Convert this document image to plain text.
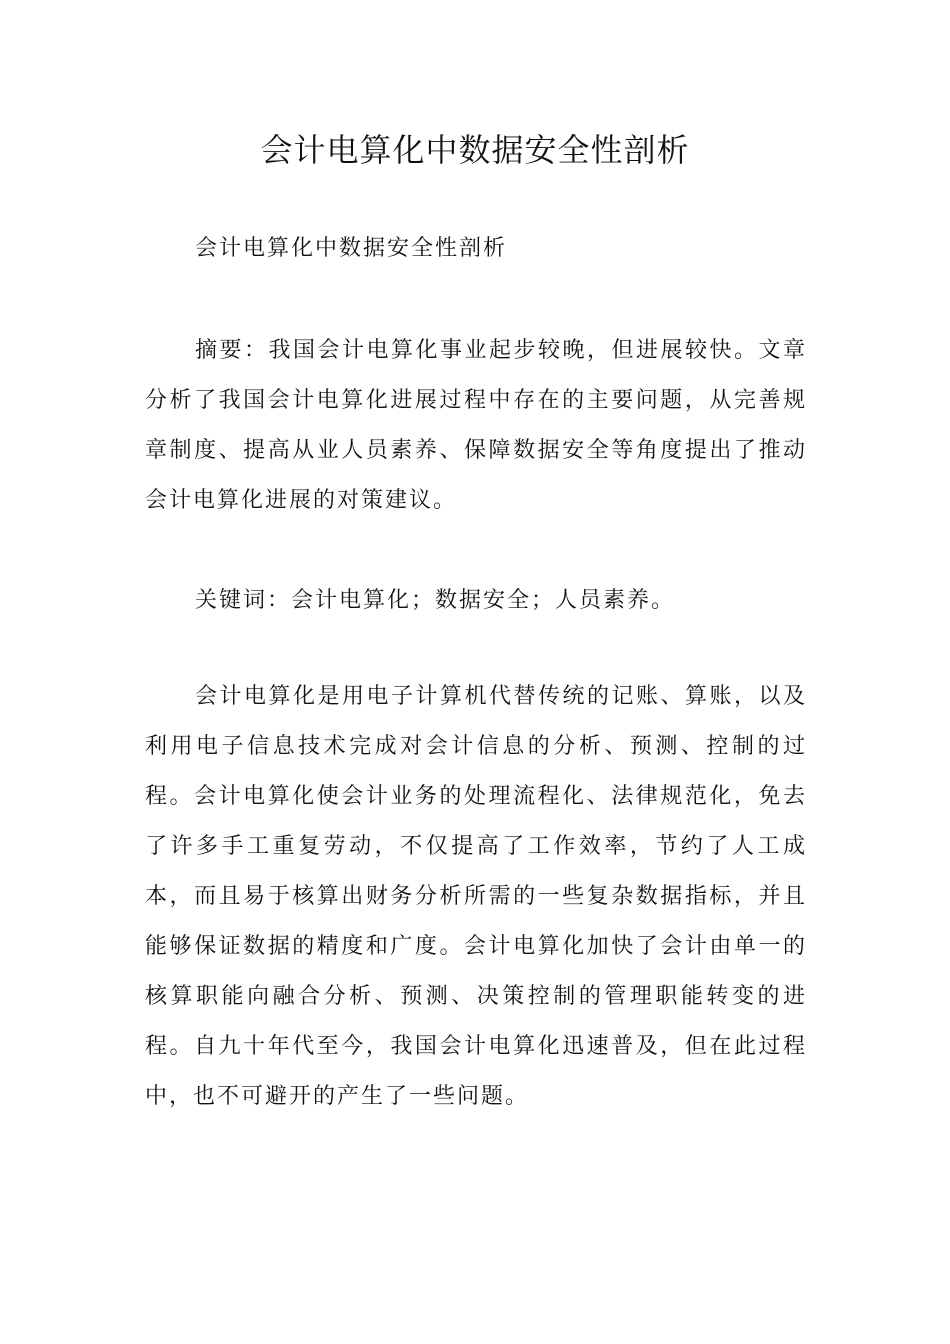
会计电算化中数据安全性剖析

会计电算化中数据安全性剖析

摘要：我国会计电算化事业起步较晚，但进展较快。文章分析了我国会计电算化进展过程中存在的主要问题，从完善规章制度、提高从业人员素养、保障数据安全等角度提出了推动会计电算化进展的对策建议。

关键词：会计电算化；数据安全；人员素养。

会计电算化是用电子计算机代替传统的记账、算账，以及利用电子信息技术完成对会计信息的分析、预测、控制的过程。会计电算化使会计业务的处理流程化、法律规范化，免去了许多手工重复劳动，不仅提高了工作效率，节约了人工成本，而且易于核算出财务分析所需的一些复杂数据指标，并且能够保证数据的精度和广度。会计电算化加快了会计由单一的核算职能向融合分析、预测、决策控制的管理职能转变的进程。自九十年代至今，我国会计电算化迅速普及，但在此过程中，也不可避开的产生了一些问题。
